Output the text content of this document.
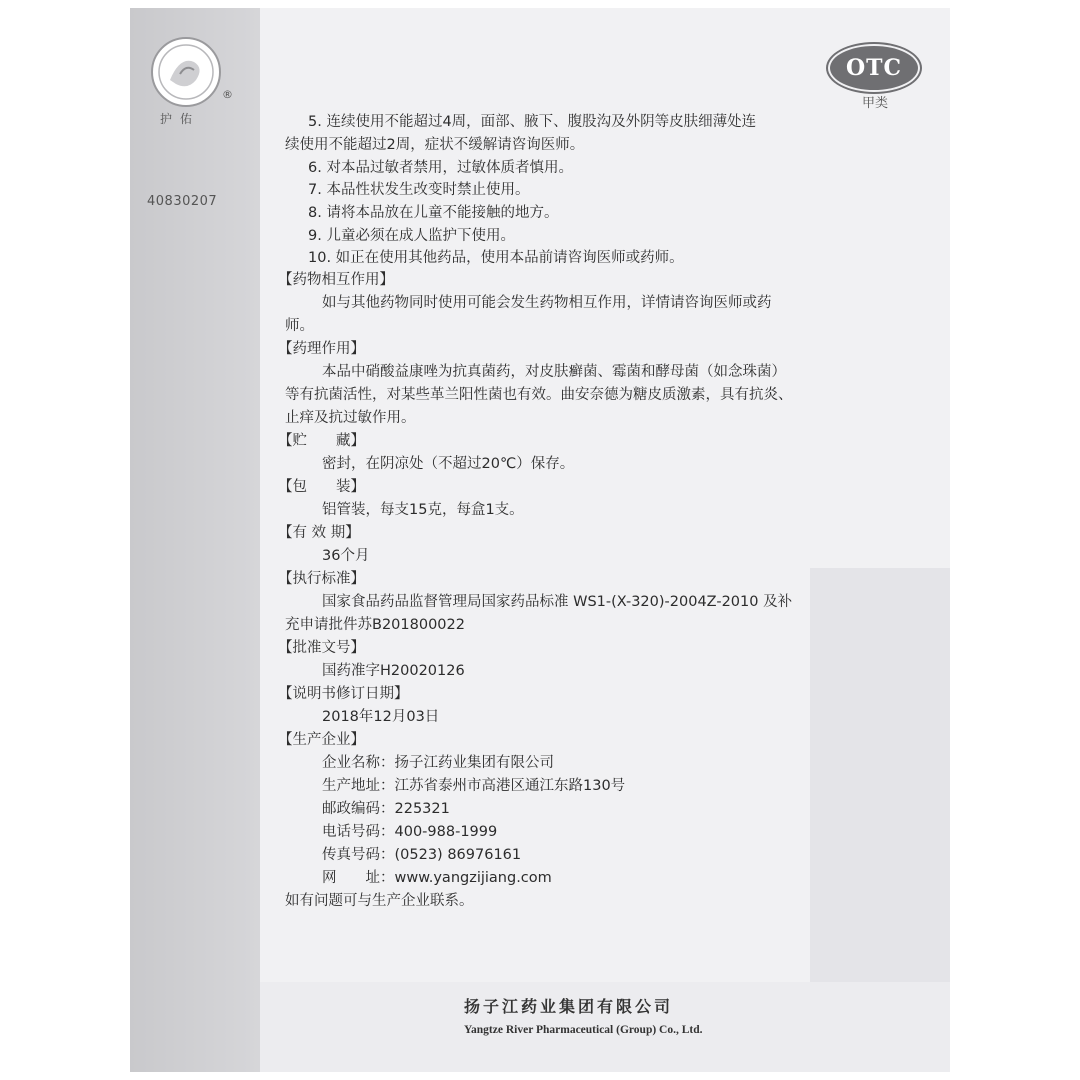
护佑
®
40830207
OTC
甲类
5. 连续使用不能超过4周，面部、腋下、腹股沟及外阴等皮肤细薄处连
续使用不能超过2周，症状不缓解请咨询医师。
6. 对本品过敏者禁用，过敏体质者慎用。
7. 本品性状发生改变时禁止使用。
8. 请将本品放在儿童不能接触的地方。
9. 儿童必须在成人监护下使用。
10. 如正在使用其他药品，使用本品前请咨询医师或药师。
【药物相互作用】
如与其他药物同时使用可能会发生药物相互作用，详情请咨询医师或药
师。
【药理作用】
本品中硝酸益康唑为抗真菌药，对皮肤癣菌、霉菌和酵母菌（如念珠菌）
等有抗菌活性，对某些革兰阳性菌也有效。曲安奈德为糖皮质激素，具有抗炎、
止痒及抗过敏作用。
【贮　　藏】
密封，在阴凉处（不超过20℃）保存。
【包　　装】
铝管装，每支15克，每盒1支。
【有 效 期】
36个月
【执行标准】
国家食品药品监督管理局国家药品标准 WS1-(X-320)-2004Z-2010 及补
充申请批件苏B201800022
【批准文号】
国药准字H20020126
【说明书修订日期】
2018年12月03日
【生产企业】
企业名称：扬子江药业集团有限公司
生产地址：江苏省泰州市高港区通江东路130号
邮政编码：225321
电话号码：400-988-1999
传真号码：(0523) 86976161
网　　址：www.yangzijiang.com
如有问题可与生产企业联系。
扬子江药业集团有限公司
Yangtze River Pharmaceutical (Group) Co., Ltd.
